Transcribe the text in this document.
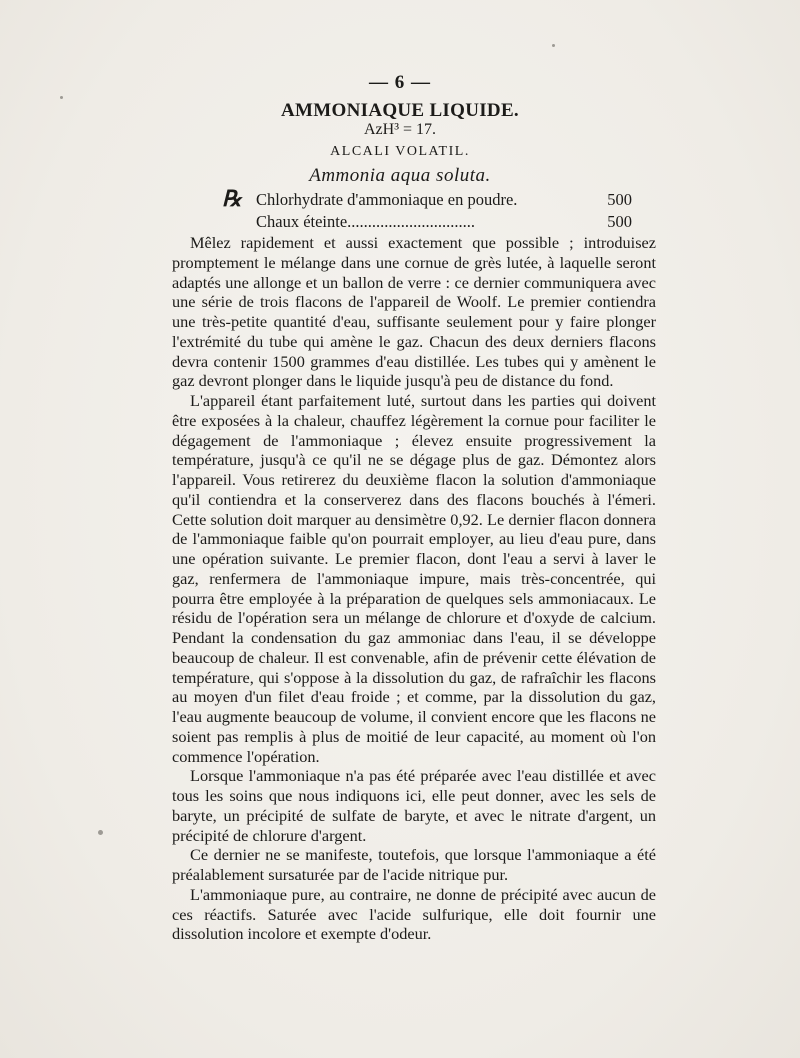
— 6 —
AMMONIAQUE LIQUIDE.
AzH³ = 17.
ALCALI VOLATIL.
Ammonia aqua soluta.
℞ Chlorhydrate d'ammoniaque en poudre.	500
Chaux éteinte...............................	500

Mêlez rapidement et aussi exactement que possible ; introduisez promptement le mélange dans une cornue de grès lutée, à laquelle seront adaptés une allonge et un ballon de verre : ce dernier communiquera avec une série de trois flacons de l'appareil de Woolf. Le premier contiendra une très-petite quantité d'eau, suffisante seulement pour y faire plonger l'extrémité du tube qui amène le gaz. Chacun des deux derniers flacons devra contenir 1500 grammes d'eau distillée. Les tubes qui y amènent le gaz devront plonger dans le liquide jusqu'à peu de distance du fond.

L'appareil étant parfaitement luté, surtout dans les parties qui doivent être exposées à la chaleur, chauffez légèrement la cornue pour faciliter le dégagement de l'ammoniaque ; élevez ensuite progressivement la température, jusqu'à ce qu'il ne se dégage plus de gaz. Démontez alors l'appareil. Vous retirerez du deuxième flacon la solution d'ammoniaque qu'il contiendra et la conserverez dans des flacons bouchés à l'émeri. Cette solution doit marquer au densimètre 0,92. Le dernier flacon donnera de l'ammoniaque faible qu'on pourrait employer, au lieu d'eau pure, dans une opération suivante. Le premier flacon, dont l'eau a servi à laver le gaz, renfermera de l'ammoniaque impure, mais très-concentrée, qui pourra être employée à la préparation de quelques sels ammoniacaux. Le résidu de l'opération sera un mélange de chlorure et d'oxyde de calcium. Pendant la condensation du gaz ammoniac dans l'eau, il se développe beaucoup de chaleur. Il est convenable, afin de prévenir cette élévation de température, qui s'oppose à la dissolution du gaz, de rafraîchir les flacons au moyen d'un filet d'eau froide ; et comme, par la dissolution du gaz, l'eau augmente beaucoup de volume, il convient encore que les flacons ne soient pas remplis à plus de moitié de leur capacité, au moment où l'on commence l'opération.

Lorsque l'ammoniaque n'a pas été préparée avec l'eau distillée et avec tous les soins que nous indiquons ici, elle peut donner, avec les sels de baryte, un précipité de sulfate de baryte, et avec le nitrate d'argent, un précipité de chlorure d'argent.

Ce dernier ne se manifeste, toutefois, que lorsque l'ammoniaque a été préalablement sursaturée par de l'acide nitrique pur.

L'ammoniaque pure, au contraire, ne donne de précipité avec aucun de ces réactifs. Saturée avec l'acide sulfurique, elle doit fournir une dissolution incolore et exempte d'odeur.
